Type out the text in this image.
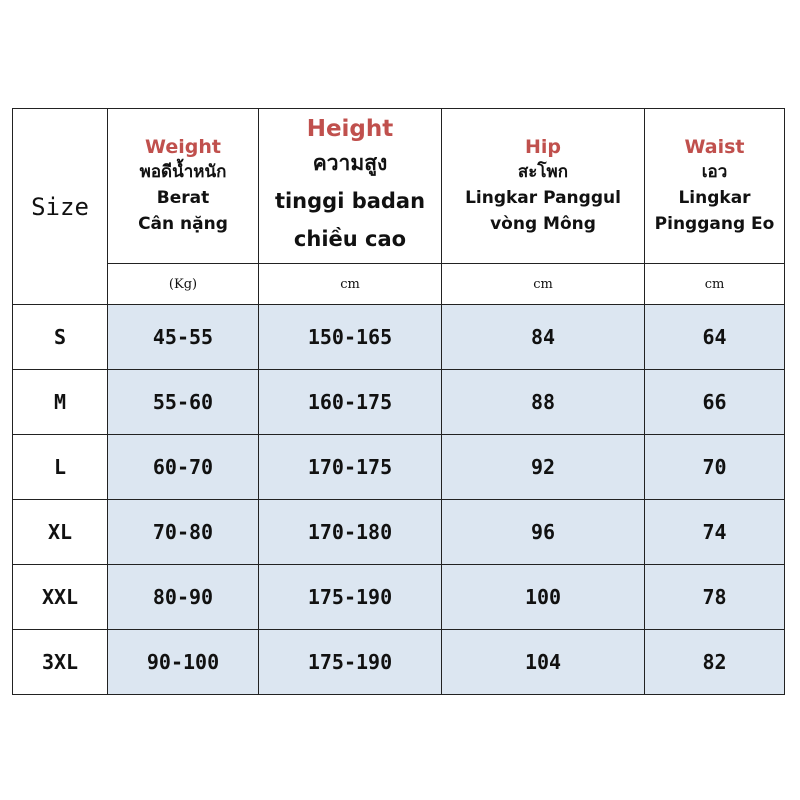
Size	Weight
พอดีน้ำหนัก
Berat
Cân nặng	Height
ความสูง
tinggi badan
chiều cao	Hip
สะโพก
Lingkar Panggul
vòng Mông	Waist
เอว
Lingkar
Pinggang Eo

	(Kg)	cm	cm	cm
S	45-55	150-165	84	64
M	55-60	160-175	88	66
L	60-70	170-175	92	70
XL	70-80	170-180	96	74
XXL	80-90	175-190	100	78
3XL	90-100	175-190	104	82
